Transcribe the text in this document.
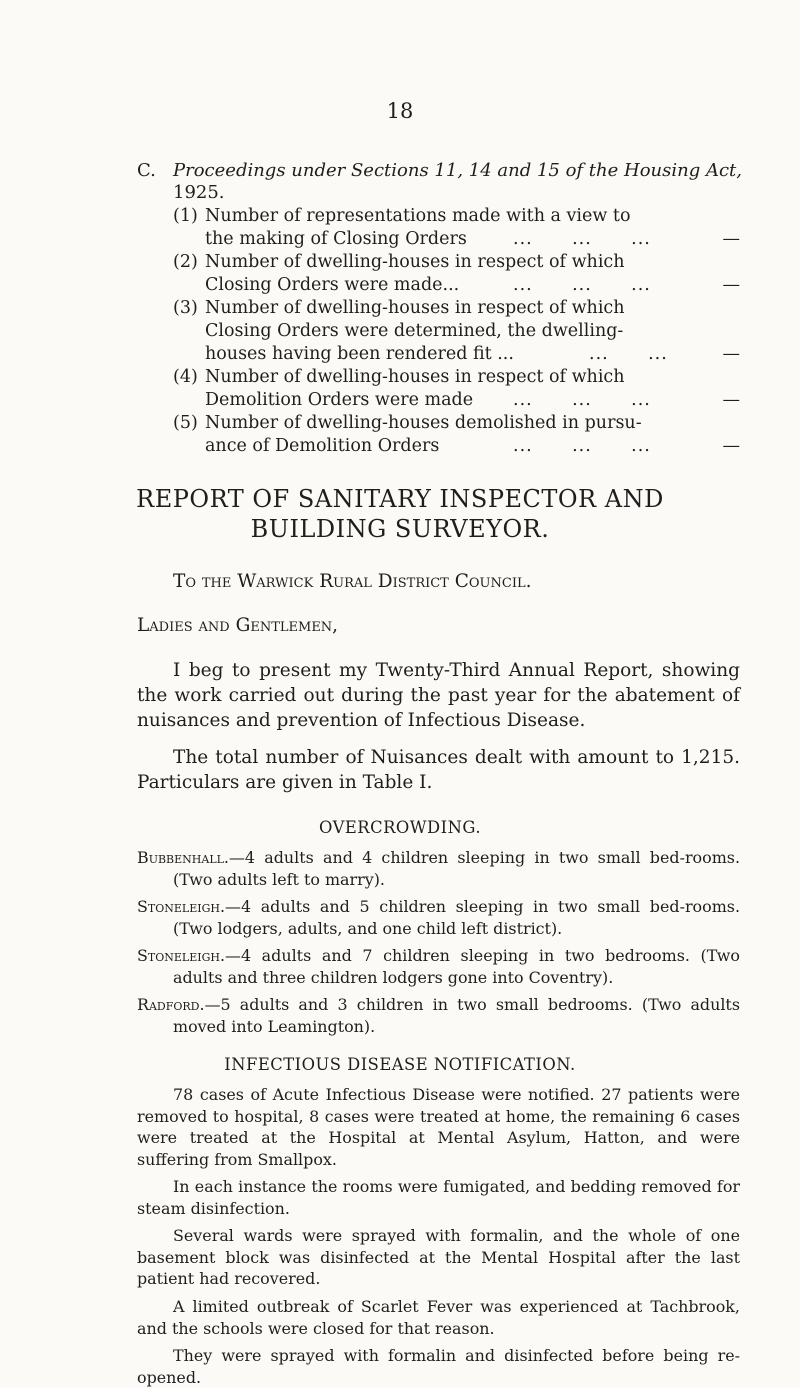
18
C. Proceedings under Sections 11, 14 and 15 of the Housing Act,
1925.
(1) Number of representations made with a view to
the making of Closing Orders	...      ...      ...	—
(2) Number of dwelling-houses in respect of which
Closing Orders were made...	...      ...      ...	—
(3) Number of dwelling-houses in respect of which
Closing Orders were determined, the dwelling-
houses having been rendered fit ...	...      ...	—
(4) Number of dwelling-houses in respect of which
Demolition Orders were made ...      ...      ...	—
(5) Number of dwelling-houses demolished in pursu-
ance of Demolition Orders	...      ...      ...	—
REPORT OF SANITARY INSPECTOR AND
BUILDING SURVEYOR.
To the Warwick Rural District Council.
Ladies and Gentlemen,
I beg to present my Twenty-Third Annual Report, showing the work carried out during the past year for the abatement of nuisances and prevention of Infectious Disease.
The total number of Nuisances dealt with amount to 1,215. Particulars are given in Table I.
OVERCROWDING.
Bubbenhall.—4 adults and 4 children sleeping in two small bed-rooms. (Two adults left to marry).
Stoneleigh.—4 adults and 5 children sleeping in two small bed-rooms. (Two lodgers, adults, and one child left district).
Stoneleigh.—4 adults and 7 children sleeping in two bedrooms. (Two adults and three children lodgers gone into Coventry).
Radford.—5 adults and 3 children in two small bedrooms. (Two adults moved into Leamington).
INFECTIOUS DISEASE NOTIFICATION.
78 cases of Acute Infectious Disease were notified. 27 patients were removed to hospital, 8 cases were treated at home, the remaining 6 cases were treated at the Hospital at Mental Asylum, Hatton, and were suffering from Smallpox.
In each instance the rooms were fumigated, and bedding removed for steam disinfection.
Several wards were sprayed with formalin, and the whole of one basement block was disinfected at the Mental Hospital after the last patient had recovered.
A limited outbreak of Scarlet Fever was experienced at Tachbrook, and the schools were closed for that reason.
They were sprayed with formalin and disinfected before being re-opened.
